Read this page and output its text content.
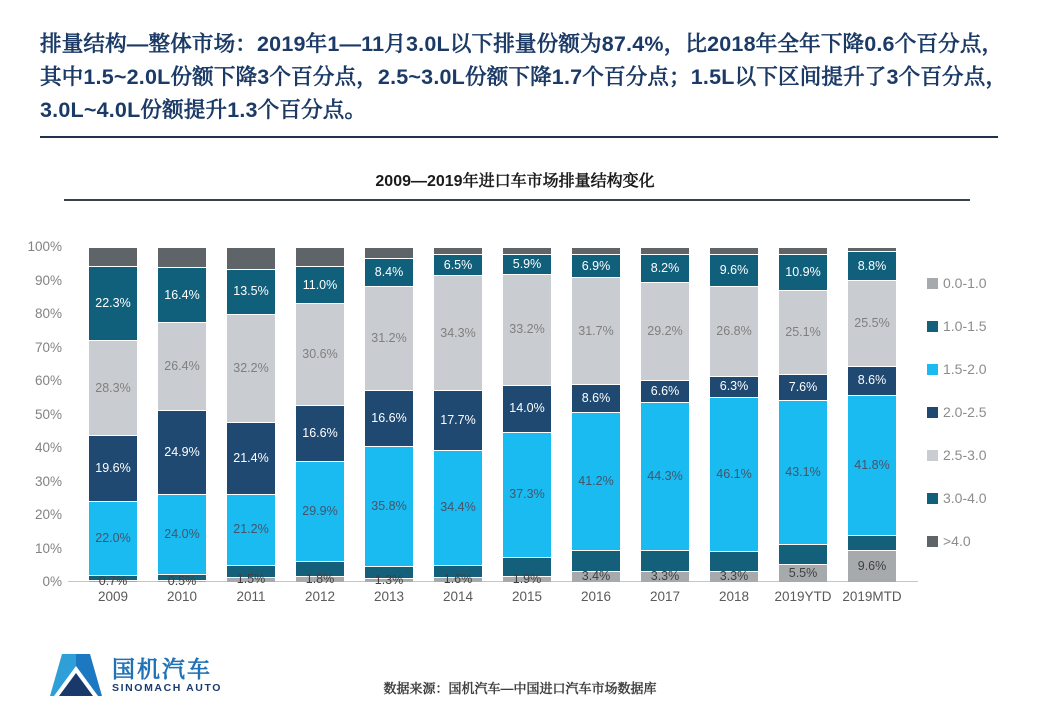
排量结构—整体市场：2019年1—11月3.0L以下排量份额为87.4%，比2018年全年下降0.6个百分点，其中1.5~2.0L份额下降3个百分点，2.5~3.0L份额下降1.7个百分点；1.5L以下区间提升了3个百分点，3.0L~4.0L份额提升1.3个百分点。
2009—2019年进口车市场排量结构变化
0%
10%
20%
30%
40%
50%
60%
70%
80%
90%
100%
22.3%
28.3%
19.6%
22.0%
0.7%
16.4%
26.4%
24.9%
24.0%
0.5%
13.5%
32.2%
21.4%
21.2%
1.5%
11.0%
30.6%
16.6%
29.9%
1.8%
8.4%
31.2%
16.6%
35.8%
1.3%
6.5%
34.3%
17.7%
34.4%
1.6%
5.9%
33.2%
14.0%
37.3%
1.9%
6.9%
31.7%
8.6%
41.2%
3.4%
8.2%
29.2%
6.6%
44.3%
3.3%
9.6%
26.8%
6.3%
46.1%
3.3%
10.9%
25.1%
7.6%
43.1%
5.5%
8.8%
25.5%
8.6%
41.8%
9.6%
2009	2010	2011	2012	2013	2014	2015	2016	2017	2018	2019YTD 2019MTD
0.0-1.0
1.0-1.5
1.5-2.0
2.0-2.5
2.5-3.0
3.0-4.0
>4.0
国机汽车
SINOMACH AUTO	数据来源：国机汽车—中国进口汽车市场数据库
